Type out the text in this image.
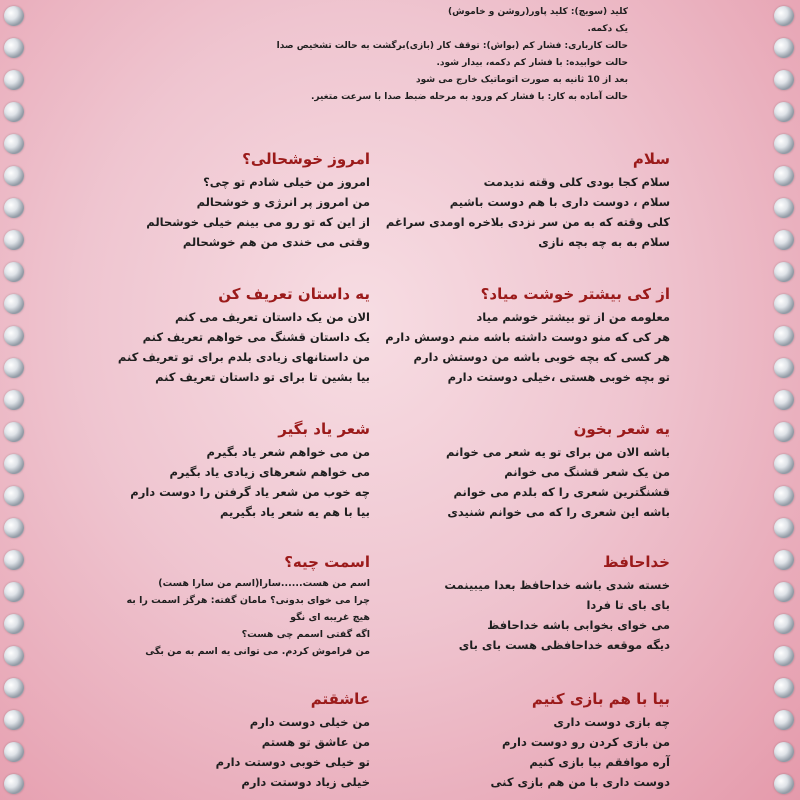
کلید (سویچ): کلید پاور(روشن و خاموش)

یک دکمه.

حالت کارباری: فشار کم (بواش): توقف کار (بازی)برگشت به حالت تشخیص صدا

حالت خوابیده: با فشار کم دکمه، بیدار شود.

بعد از 10 ثانیه به صورت اتوماتیک خارج می شود

حالت آماده به کار: با فشار کم ورود به مرحله ضبط صدا با سرعت متغیر.

سلام
سلام کجا بودی کلی وقته ندیدمت
سلام ، دوست داری با هم دوست باشیم
کلی وقته که به من سر نزدی بلاخره اومدی سراغم
سلام به به چه بچه نازی
امروز خوشحالی؟
امروز من خیلی شادم تو چی؟
من امروز پر انرژی و خوشحالم
از این که تو رو می بینم خیلی خوشحالم
وقتی می خندی من هم خوشحالم
از کی بیشتر خوشت میاد؟
معلومه من از تو بیشتر خوشم میاد
هر کی که منو دوست داشته باشه منم دوسش دارم
هر کسی که بچه خوبی باشه من دوستش دارم
تو بچه خوبی هستی ،خیلی دوستت دارم
یه داستان تعریف کن
الان من یک داستان تعریف می کنم
یک داستان قشنگ می خواهم تعریف کنم
من داستانهای زیادی بلدم برای تو تعریف کنم
بیا بشین تا برای تو داستان تعریف کنم
یه شعر بخون
باشه الان من برای تو یه شعر می خوانم
من یک شعر قشنگ می خوانم
قشنگترین شعری را که بلدم می خوانم
باشه این شعری را که می خوانم شنیدی
شعر یاد بگیر
من می خواهم شعر یاد بگیرم
می خواهم شعرهای زیادی یاد بگیرم
چه خوب من شعر یاد گرفتن را دوست دارم
بیا با هم یه شعر یاد بگیریم
خداحافظ
خسته شدی باشه خداحافظ بعدا میبینمت
بای بای تا فردا
می خوای بخوابی باشه خداحافظ
دیگه موقعه خداحافظی هست بای بای
اسمت چیه؟
اسم من هست......سارا(اسم من سارا هست)
چرا می خوای بدونی؟ مامان گفته: هرگز اسمت را به
هیچ غریبه ای نگو
اگه گفتی اسمم چی هست؟
من فراموش کردم. می توانی یه اسم به من بگی
بیا با هم بازی کنیم
چه بازی دوست داری
من بازی کردن رو دوست دارم
آره موافقم بیا بازی کنیم
دوست داری با من هم بازی کنی
عاشقتم
من خیلی دوست دارم
من عاشق تو هستم
تو خیلی خوبی دوستت دارم
خیلی زیاد دوستت دارم
